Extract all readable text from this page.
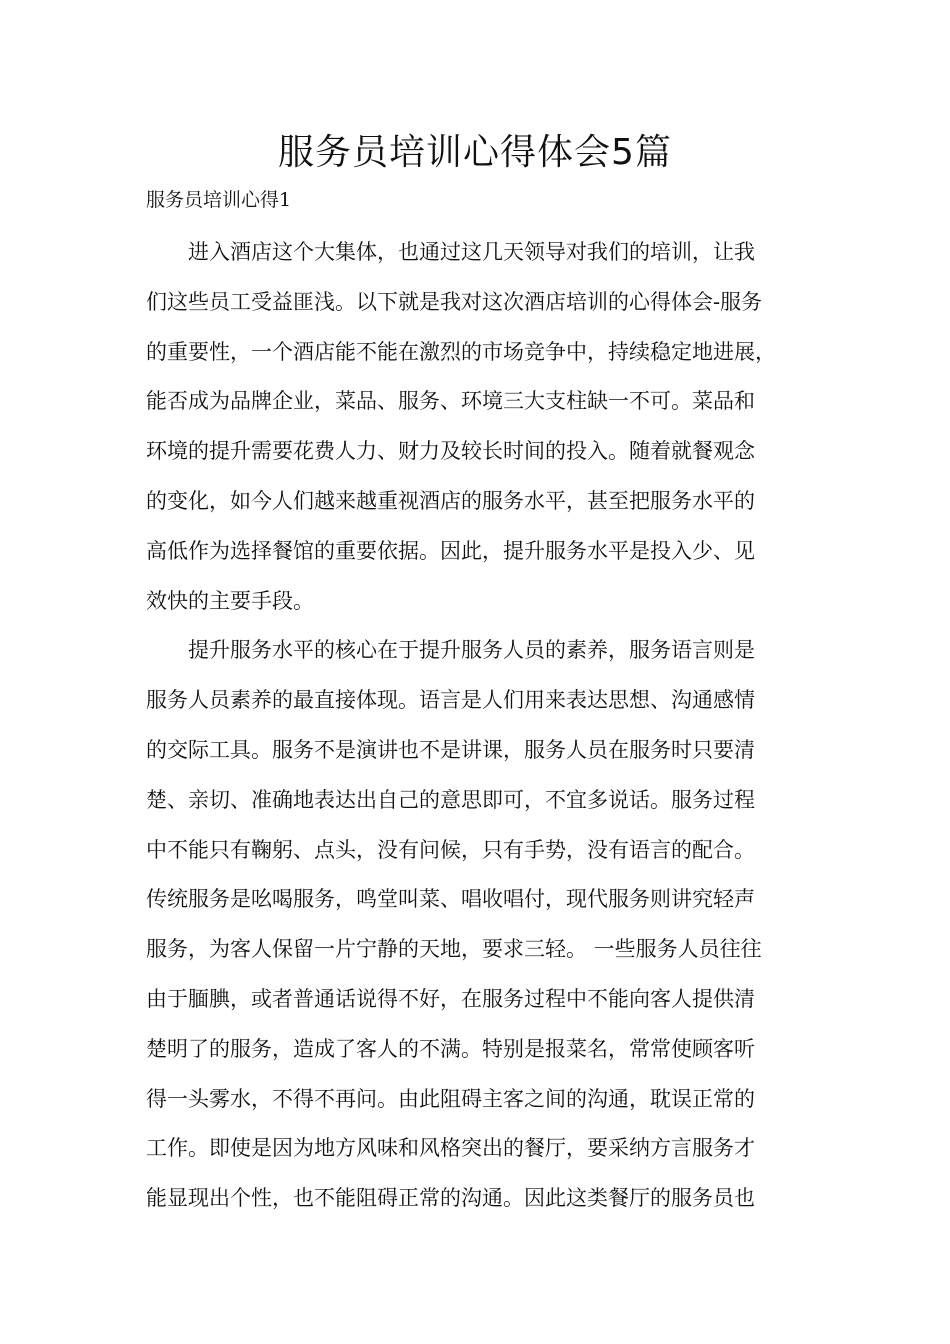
服务员培训心得体会5篇
服务员培训心得1
进入酒店这个大集体，也通过这几天领导对我们的培训，让我
们这些员工受益匪浅。以下就是我对这次酒店培训的心得体会-服务
的重要性，一个酒店能不能在激烈的市场竞争中，持续稳定地进展，
能否成为品牌企业，菜品、服务、环境三大支柱缺一不可。菜品和
环境的提升需要花费人力、财力及较长时间的投入。随着就餐观念
的变化，如今人们越来越重视酒店的服务水平，甚至把服务水平的
高低作为选择餐馆的重要依据。因此，提升服务水平是投入少、见
效快的主要手段。
提升服务水平的核心在于提升服务人员的素养，服务语言则是
服务人员素养的最直接体现。语言是人们用来表达思想、沟通感情
的交际工具。服务不是演讲也不是讲课，服务人员在服务时只要清
楚、亲切、准确地表达出自己的意思即可，不宜多说话。服务过程
中不能只有鞠躬、点头，没有问候，只有手势，没有语言的配合。
传统服务是吆喝服务，鸣堂叫菜、唱收唱付，现代服务则讲究轻声
服务，为客人保留一片宁静的天地，要求三轻。 一些服务人员往往
由于腼腆，或者普通话说得不好，在服务过程中不能向客人提供清
楚明了的服务，造成了客人的不满。特别是报菜名，常常使顾客听
得一头雾水，不得不再问。由此阻碍主客之间的沟通，耽误正常的
工作。即使是因为地方风味和风格突出的餐厅，要采纳方言服务才
能显现出个性，也不能阻碍正常的沟通。因此这类餐厅的服务员也
